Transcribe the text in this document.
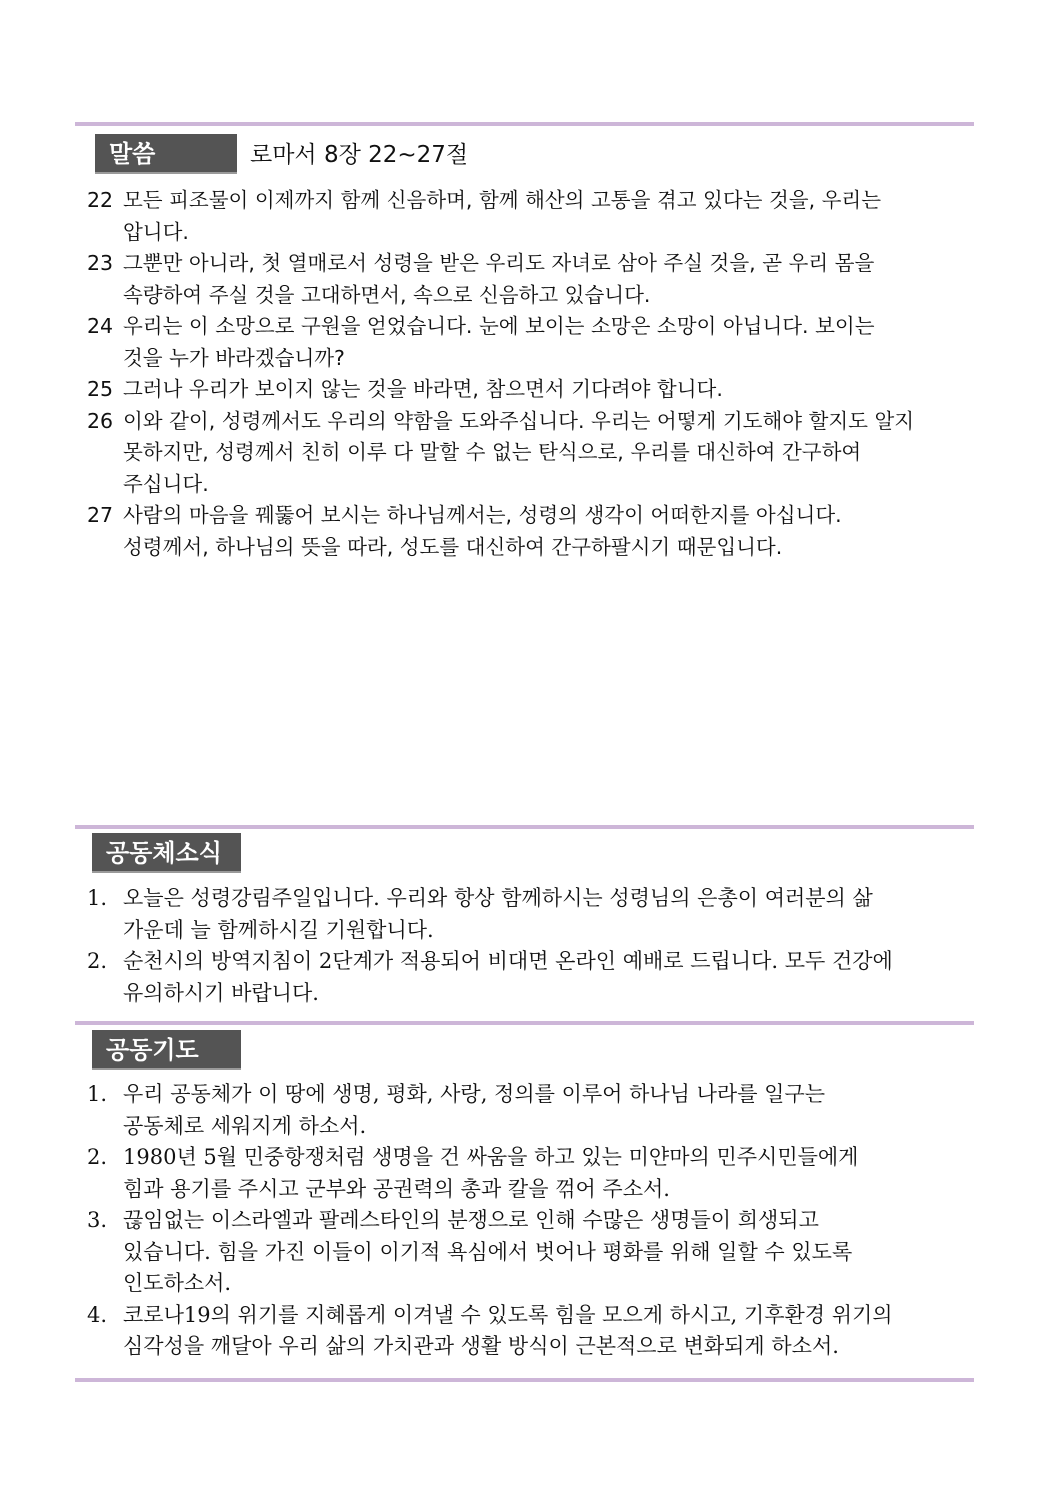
말씀	로마서 8장 22~27절
22 모든 피조물이 이제까지 함께 신음하며, 함께 해산의 고통을 겪고 있다는 것을, 우리는
압니다.
23 그뿐만 아니라, 첫 열매로서 성령을 받은 우리도 자녀로 삼아 주실 것을, 곧 우리 몸을
속량하여 주실 것을 고대하면서, 속으로 신음하고 있습니다.
24 우리는 이 소망으로 구원을 얻었습니다. 눈에 보이는 소망은 소망이 아닙니다. 보이는
것을 누가 바라겠습니까?
25 그러나 우리가 보이지 않는 것을 바라면, 참으면서 기다려야 합니다.
26 이와 같이, 성령께서도 우리의 약함을 도와주십니다. 우리는 어떻게 기도해야 할지도 알지
못하지만, 성령께서 친히 이루 다 말할 수 없는 탄식으로, 우리를 대신하여 간구하여
주십니다.
27 사람의 마음을 꿰뚫어 보시는 하나님께서는, 성령의 생각이 어떠한지를 아십니다.
성령께서, 하나님의 뜻을 따라, 성도를 대신하여 간구하팔시기 때문입니다.
공동체소식
1. 오늘은 성령강림주일입니다. 우리와 항상 함께하시는 성령님의 은총이 여러분의 삶
가운데 늘 함께하시길 기원합니다.
2. 순천시의 방역지침이 2단계가 적용되어 비대면 온라인 예배로 드립니다. 모두 건강에
유의하시기 바랍니다.
공동기도
1. 우리 공동체가 이 땅에 생명, 평화, 사랑, 정의를 이루어 하나님 나라를 일구는
공동체로 세워지게 하소서.
2. 1980년 5월 민중항쟁처럼 생명을 건 싸움을 하고 있는 미얀마의 민주시민들에게
힘과 용기를 주시고 군부와 공권력의 총과 칼을 꺾어 주소서.
3. 끊임없는 이스라엘과 팔레스타인의 분쟁으로 인해 수많은 생명들이 희생되고
있습니다. 힘을 가진 이들이 이기적 욕심에서 벗어나 평화를 위해 일할 수 있도록
인도하소서.
4. 코로나19의 위기를 지혜롭게 이겨낼 수 있도록 힘을 모으게 하시고, 기후환경 위기의
심각성을 깨달아 우리 삶의 가치관과 생활 방식이 근본적으로 변화되게 하소서.
